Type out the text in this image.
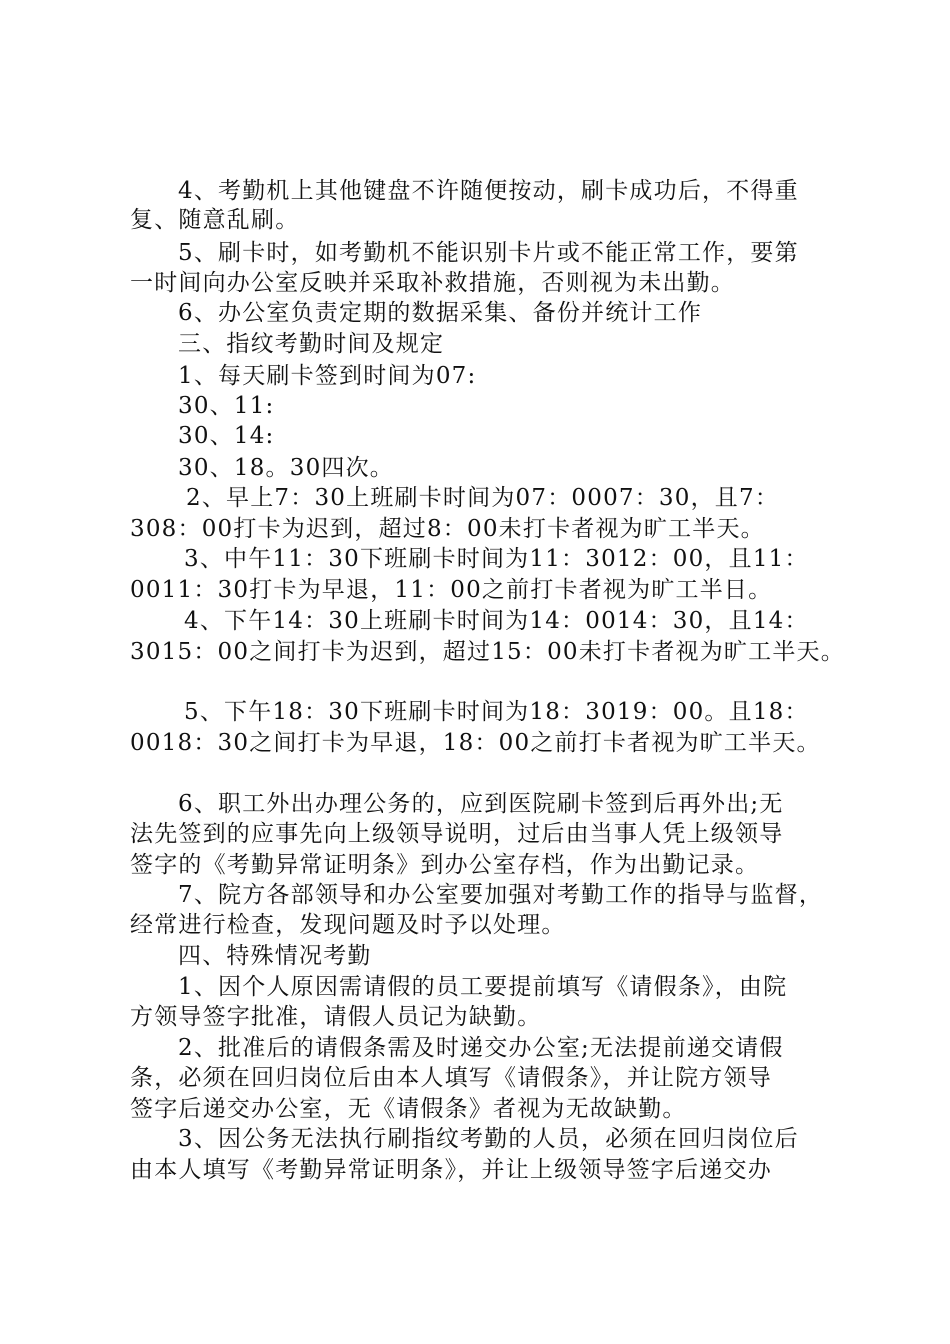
4、考勤机上其他键盘不许随便按动，刷卡成功后，不得重
复、随意乱刷。
5、刷卡时，如考勤机不能识别卡片或不能正常工作，要第
一时间向办公室反映并采取补救措施，否则视为未出勤。
6、办公室负责定期的数据采集、备份并统计工作
三、指纹考勤时间及规定
1、每天刷卡签到时间为07:
30、11:
30、14:
30、18。30四次。
2、早上7：30上班刷卡时间为07：0007：30，且7：
308：00打卡为迟到，超过8：00未打卡者视为旷工半天。
3、中午11：30下班刷卡时间为11：3012：00，且11：
0011：30打卡为早退，11：00之前打卡者视为旷工半日。
4、下午14：30上班刷卡时间为14：0014：30，且14：
3015：00之间打卡为迟到，超过15：00未打卡者视为旷工半天。
5、下午18：30下班刷卡时间为18：3019：00。且18：
0018：30之间打卡为早退，18：00之前打卡者视为旷工半天。
6、职工外出办理公务的，应到医院刷卡签到后再外出;无
法先签到的应事先向上级领导说明，过后由当事人凭上级领导
签字的《考勤异常证明条》到办公室存档，作为出勤记录。
7、院方各部领导和办公室要加强对考勤工作的指导与监督，
经常进行检查，发现问题及时予以处理。
四、特殊情况考勤
1、因个人原因需请假的员工要提前填写《请假条》，由院
方领导签字批准，请假人员记为缺勤。
2、批准后的请假条需及时递交办公室;无法提前递交请假
条，必须在回归岗位后由本人填写《请假条》，并让院方领导
签字后递交办公室，无《请假条》者视为无故缺勤。
3、因公务无法执行刷指纹考勤的人员，必须在回归岗位后
由本人填写《考勤异常证明条》，并让上级领导签字后递交办
